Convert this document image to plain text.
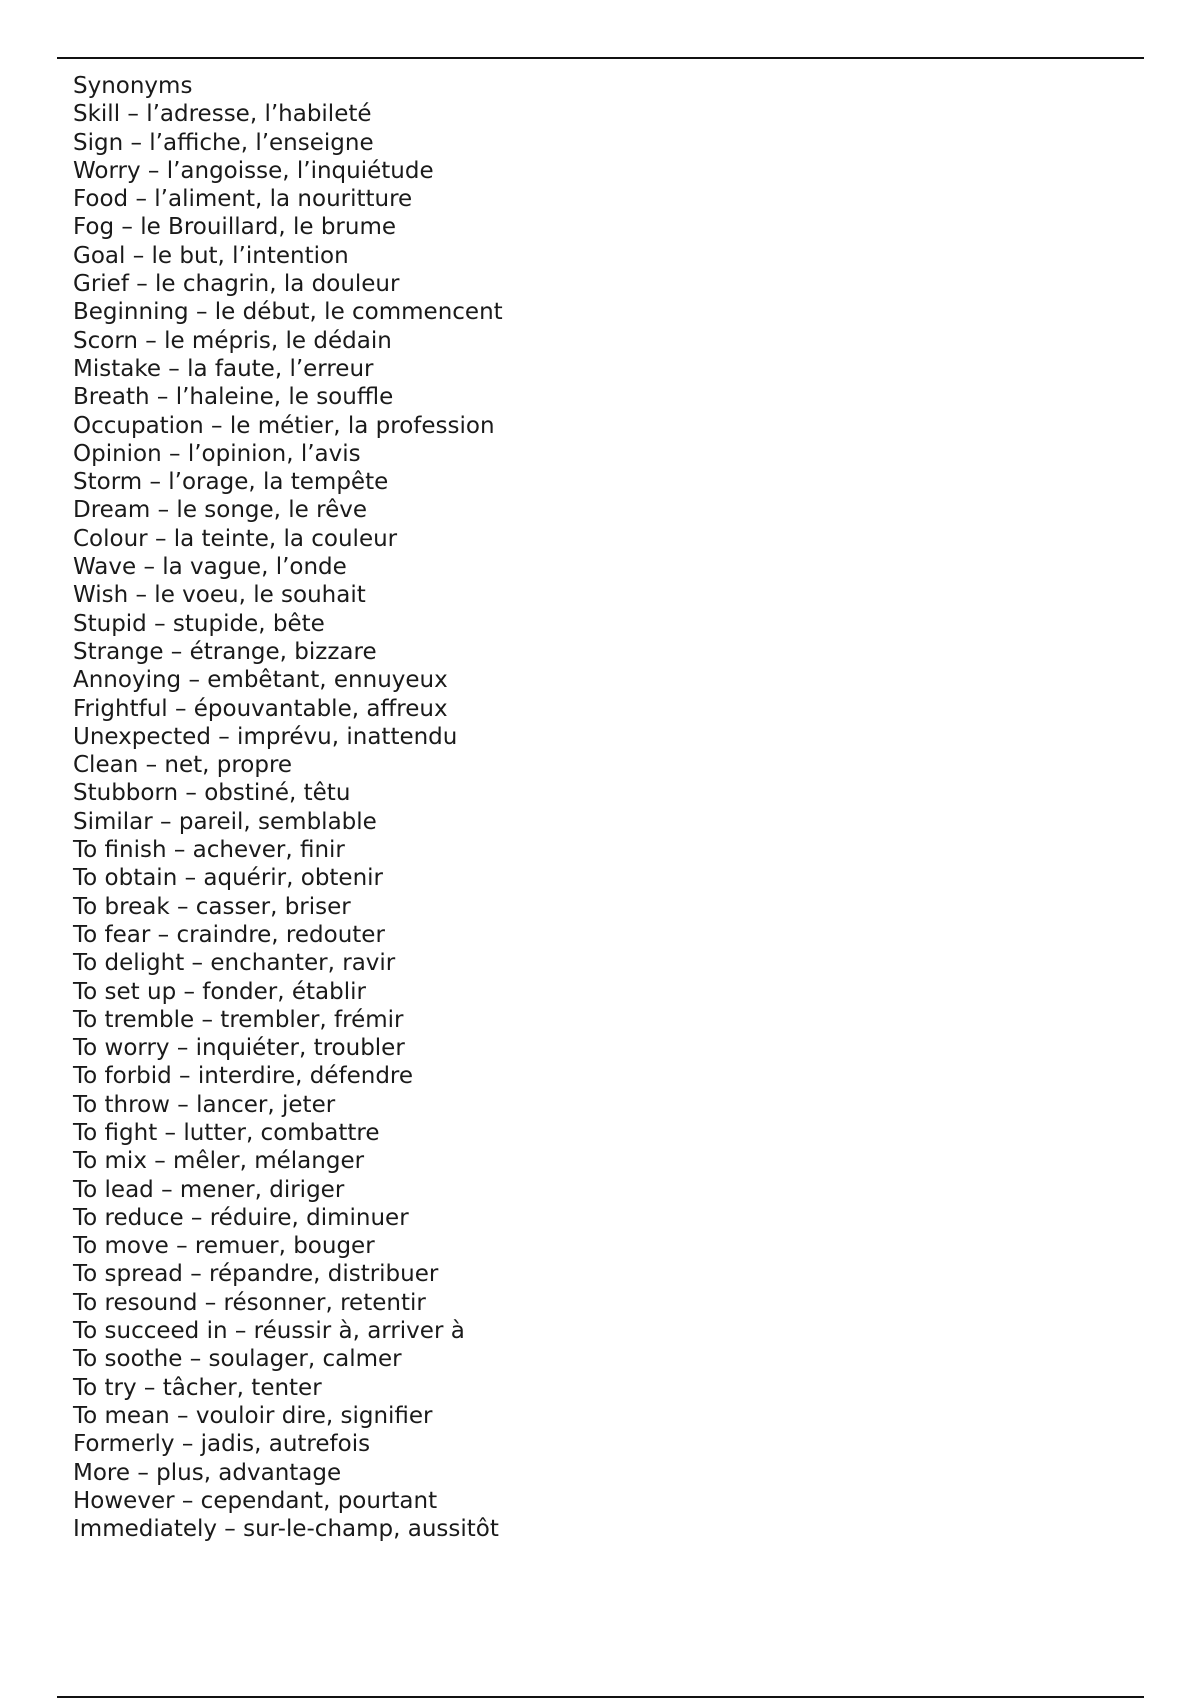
Synonyms
Skill – l’adresse, l’habileté
Sign – l’affiche, l’enseigne
Worry – l’angoisse, l’inquiétude
Food – l’aliment, la nouritture
Fog – le Brouillard, le brume
Goal – le but, l’intention
Grief – le chagrin, la douleur
Beginning – le début, le commencent
Scorn – le mépris, le dédain
Mistake – la faute, l’erreur
Breath – l’haleine, le souffle
Occupation – le métier, la profession
Opinion – l’opinion, l’avis
Storm – l’orage, la tempête
Dream – le songe, le rêve
Colour – la teinte, la couleur
Wave – la vague, l’onde
Wish – le voeu, le souhait
Stupid – stupide, bête
Strange – étrange, bizzare
Annoying – embêtant, ennuyeux
Frightful – épouvantable, affreux
Unexpected – imprévu, inattendu
Clean – net, propre
Stubborn – obstiné, têtu
Similar – pareil, semblable
To finish – achever, finir
To obtain – aquérir, obtenir
To break – casser, briser
To fear – craindre, redouter
To delight – enchanter, ravir
To set up – fonder, établir
To tremble – trembler, frémir
To worry – inquiéter, troubler
To forbid – interdire, défendre
To throw – lancer, jeter
To fight – lutter, combattre
To mix – mêler, mélanger
To lead – mener, diriger
To reduce – réduire, diminuer
To move – remuer, bouger
To spread – répandre, distribuer
To resound – résonner, retentir
To succeed in – réussir à, arriver à
To soothe – soulager, calmer
To try – tâcher, tenter
To mean – vouloir dire, signifier
Formerly – jadis, autrefois
More – plus, advantage
However – cependant, pourtant
Immediately – sur-le-champ, aussitôt
